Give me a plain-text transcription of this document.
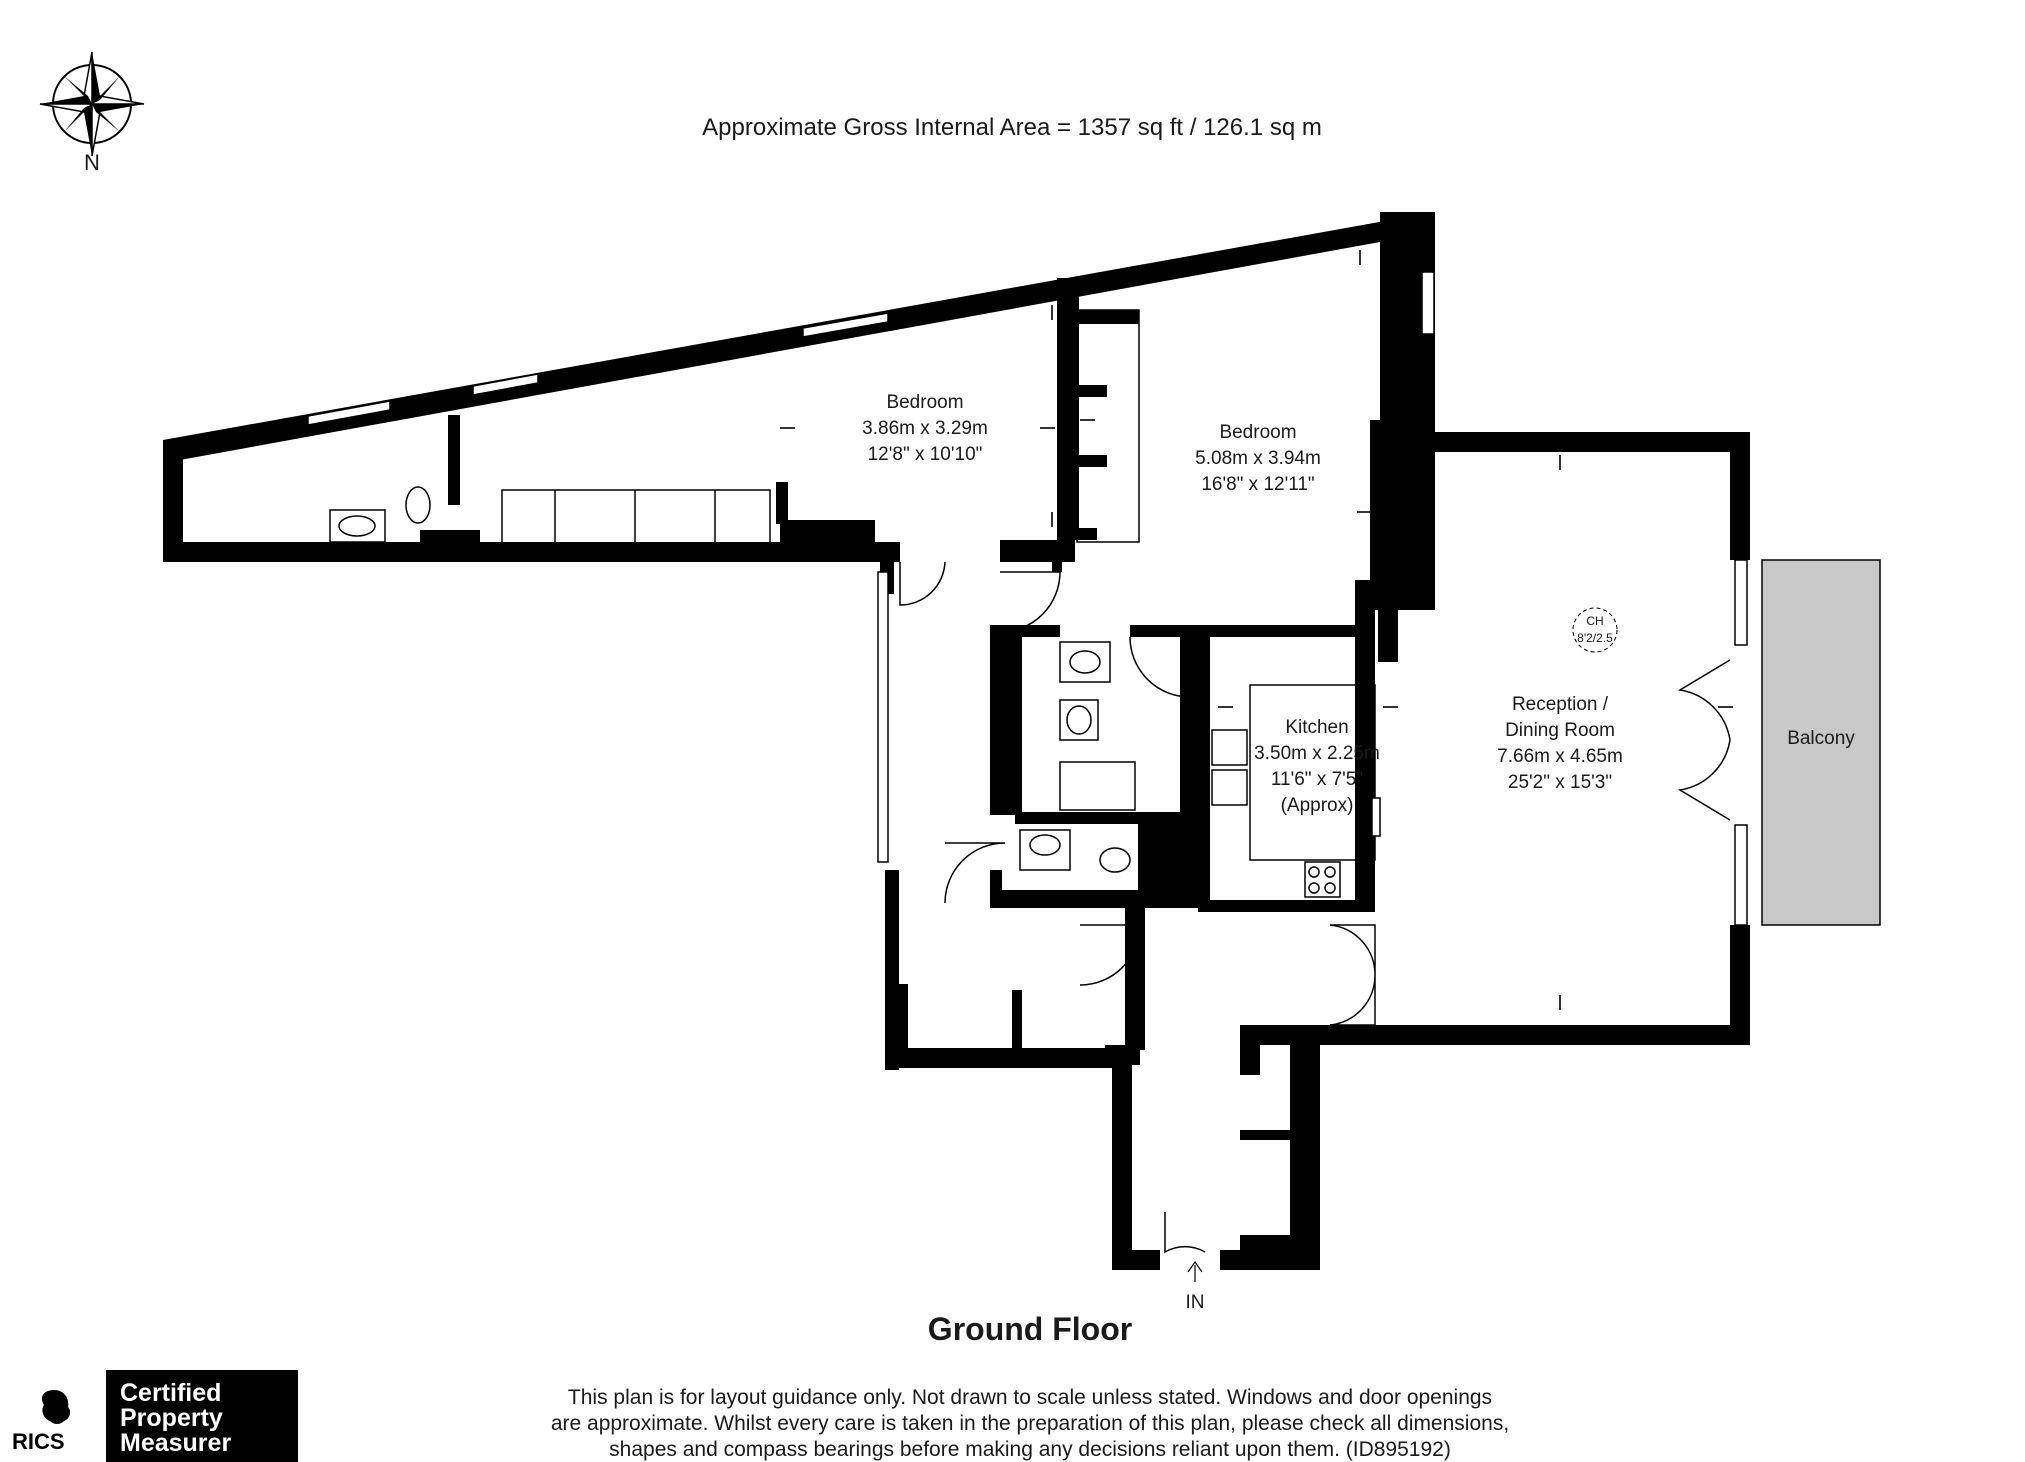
N
Approximate Gross Internal Area = 1357 sq ft / 126.1 sq m
CH
8'2/2.5
Bedroom
3.86m x 3.29m
12'8" x 10'10"
Bedroom
5.08m x 3.94m
16'8" x 12'11"
Kitchen
3.50m x 2.25m
11'6" x 7'5"
(Approx)
Reception /
Dining Room
7.66m x 4.65m
25'2" x 15'3"
Balcony
IN
Ground Floor
This plan is for layout guidance only. Not drawn to scale unless stated. Windows and door openings
are approximate. Whilst every care is taken in the preparation of this plan, please check all dimensions,
shapes and compass bearings before making any decisions reliant upon them. (ID895192)
RICS
Certified
Property
Measurer
